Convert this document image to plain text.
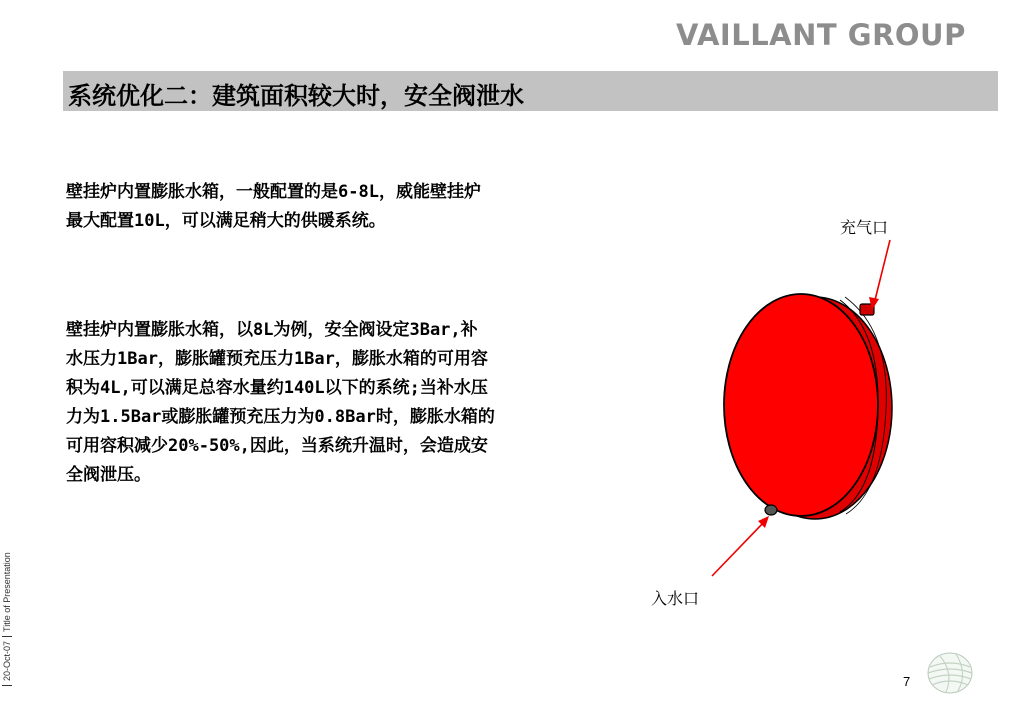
VAILLANT GROUP
系统优化二：建筑面积较大时，安全阀泄水
壁挂炉内置膨胀水箱，一般配置的是6-8L，威能壁挂炉
最大配置10L，可以满足稍大的供暖系统。
壁挂炉内置膨胀水箱，以8L为例，安全阀设定3Bar,补
水压力1Bar，膨胀罐预充压力1Bar，膨胀水箱的可用容
积为4L,可以满足总容水量约140L以下的系统;当补水压
力为1.5Bar或膨胀罐预充压力为0.8Bar时，膨胀水箱的
可用容积减少20%-50%,因此，当系统升温时，会造成安
全阀泄压。
充气口
入水口
20-Oct-07Title of Presentation
7
